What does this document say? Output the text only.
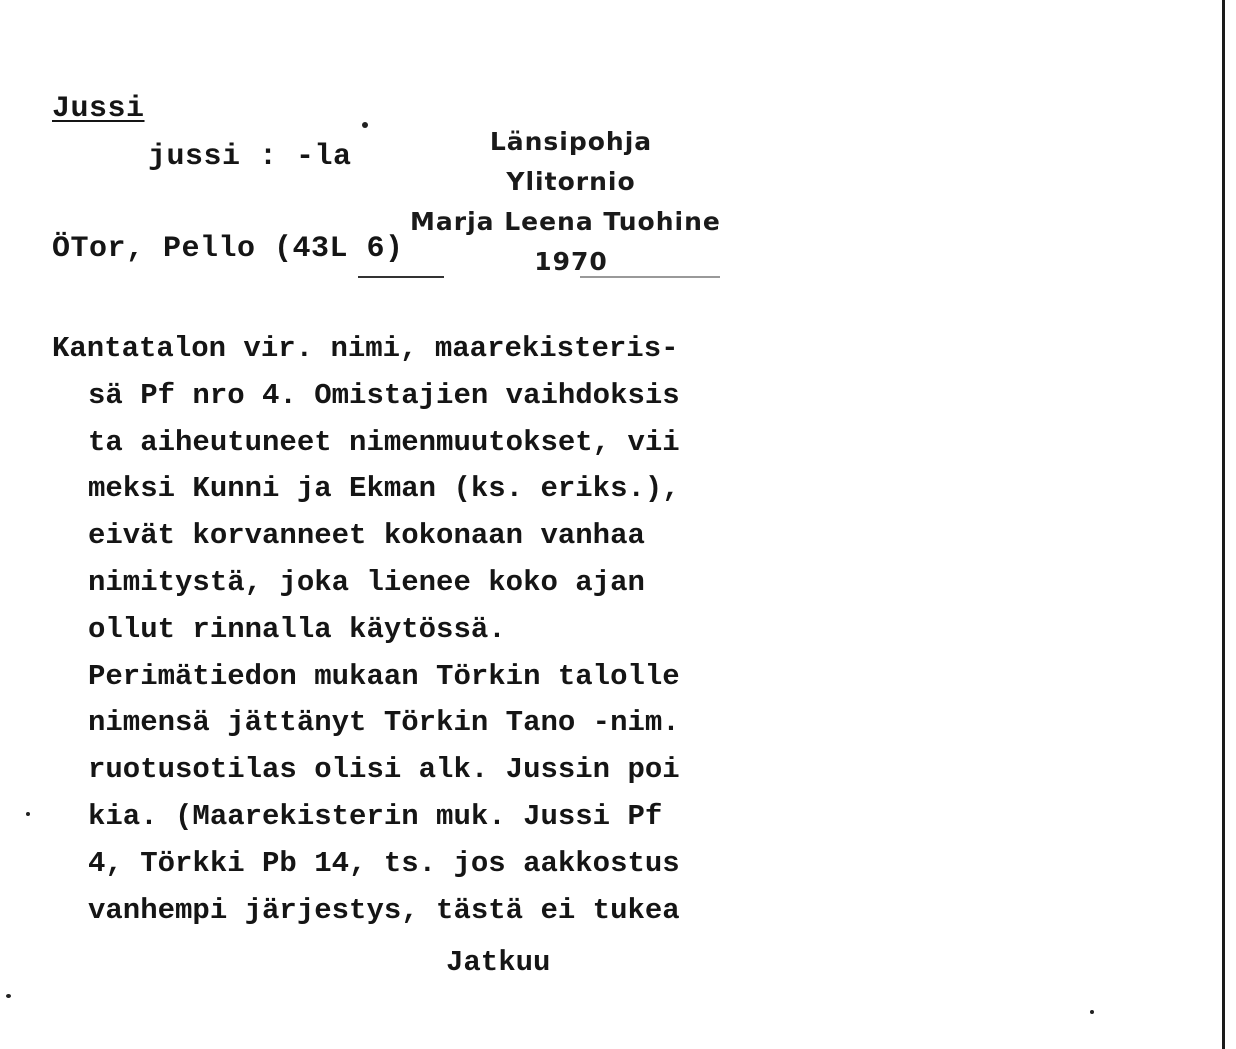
Jussi
jussi : -la
ÖTor, Pello (43L 6)
Länsipohja
Ylitornio
Marja Leena Tuohine
1970
Kantatalon vir. nimi, maarekisteris-
sä Pf nro 4. Omistajien vaihdoksis
ta aiheutuneet nimenmuutokset, vii
meksi Kunni ja Ekman (ks. eriks.),
eivät korvanneet kokonaan vanhaa
nimitystä, joka lienee koko ajan
ollut rinnalla käytössä.
Perimätiedon mukaan Törkin talolle
nimensä jättänyt Törkin Tano -nim.
ruotusotilas olisi alk. Jussin poi
kia. (Maarekisterin muk. Jussi Pf
4, Törkki Pb 14, ts. jos aakkostus
vanhempi järjestys, tästä ei tukea
Jatkuu
